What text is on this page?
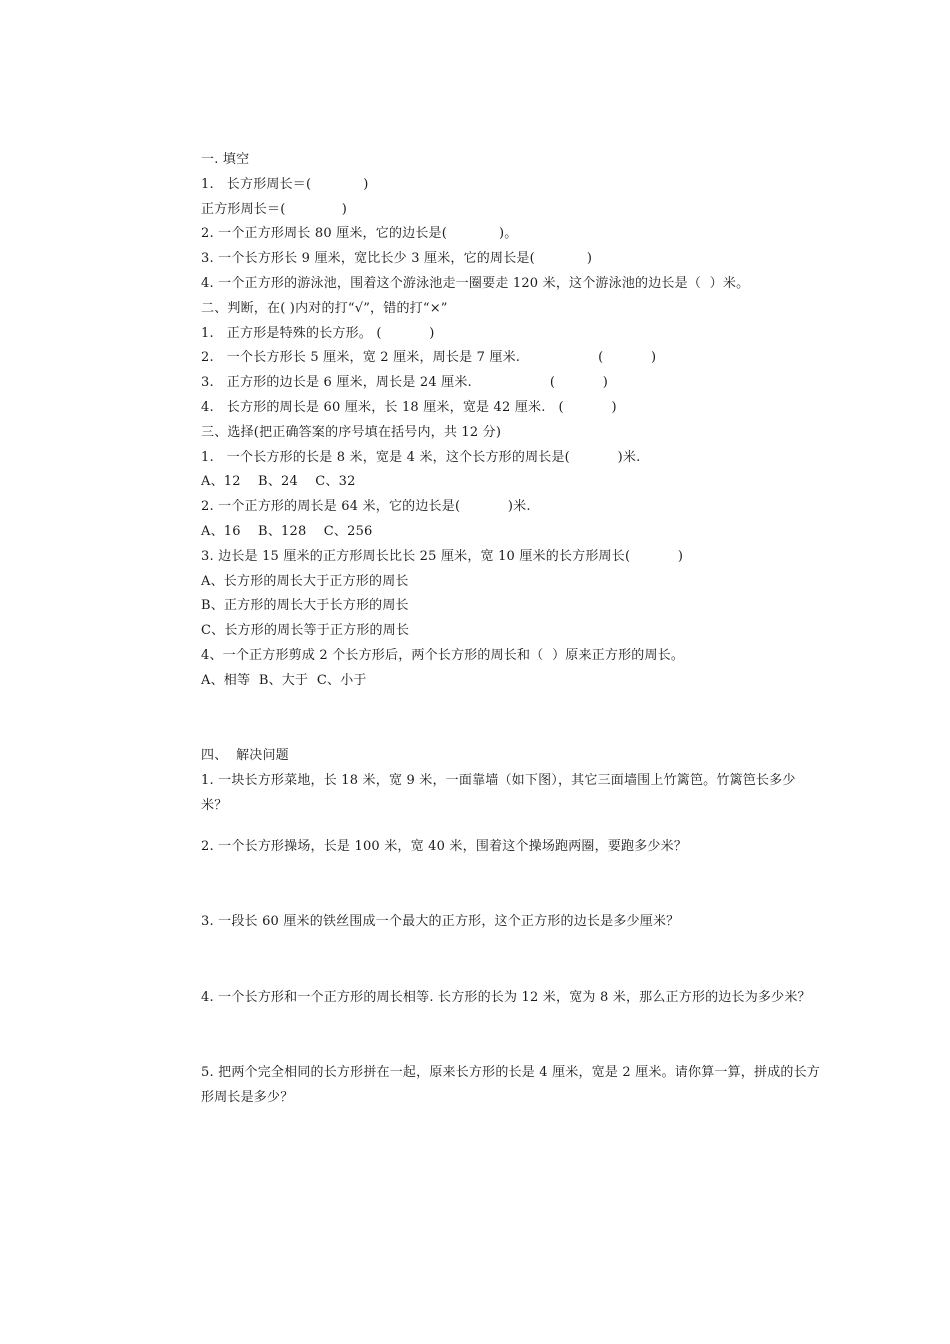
一. 填空
1.   长方形周长＝(            )
正方形周长＝(             )
2. 一个正方形周长 80 厘米，它的边长是(            )。
3. 一个长方形长 9 厘米，宽比长少 3 厘米，它的周长是(            )
4. 一个正方形的游泳池，围着这个游泳池走一圈要走 120 米，这个游泳池的边长是（  ）米。
二、判断，在( )内对的打“√”，错的打“×”
1.   正方形是特殊的长方形。 (           )
2.   一个长方形长 5 厘米，宽 2 厘米，周长是 7 厘米.                  (           )
3.   正方形的边长是 6 厘米，周长是 24 厘米.                  (           )
4.   长方形的周长是 60 厘米，长 18 厘米，宽是 42 厘米.   (           )
三、选择(把正确答案的序号填在括号内，共 12 分)
1.   一个长方形的长是 8 米，宽是 4 米，这个长方形的周长是(           )米.
A、12    B、24    C、32
2. 一个正方形的周长是 64 米，它的边长是(           )米.
A、16    B、128    C、256
3. 边长是 15 厘米的正方形周长比长 25 厘米，宽 10 厘米的长方形周长(           )
A、长方形的周长大于正方形的周长
B、正方形的周长大于长方形的周长
C、长方形的周长等于正方形的周长
4、一个正方形剪成 2 个长方形后，两个长方形的周长和（  ）原来正方形的周长。
A、相等  B、大于  C、小于
四、  解决问题
1. 一块长方形菜地，长 18 米，宽 9 米，一面靠墙（如下图），其它三面墙围上竹篱笆。竹篱笆长多少米？
2. 一个长方形操场，长是 100 米，宽 40 米，围着这个操场跑两圈，要跑多少米？
3. 一段长 60 厘米的铁丝围成一个最大的正方形，这个正方形的边长是多少厘米？
4. 一个长方形和一个正方形的周长相等. 长方形的长为 12 米，宽为 8 米，那么正方形的边长为多少米？
5. 把两个完全相同的长方形拼在一起，原来长方形的长是 4 厘米，宽是 2 厘米。请你算一算，拼成的长方形周长是多少？
